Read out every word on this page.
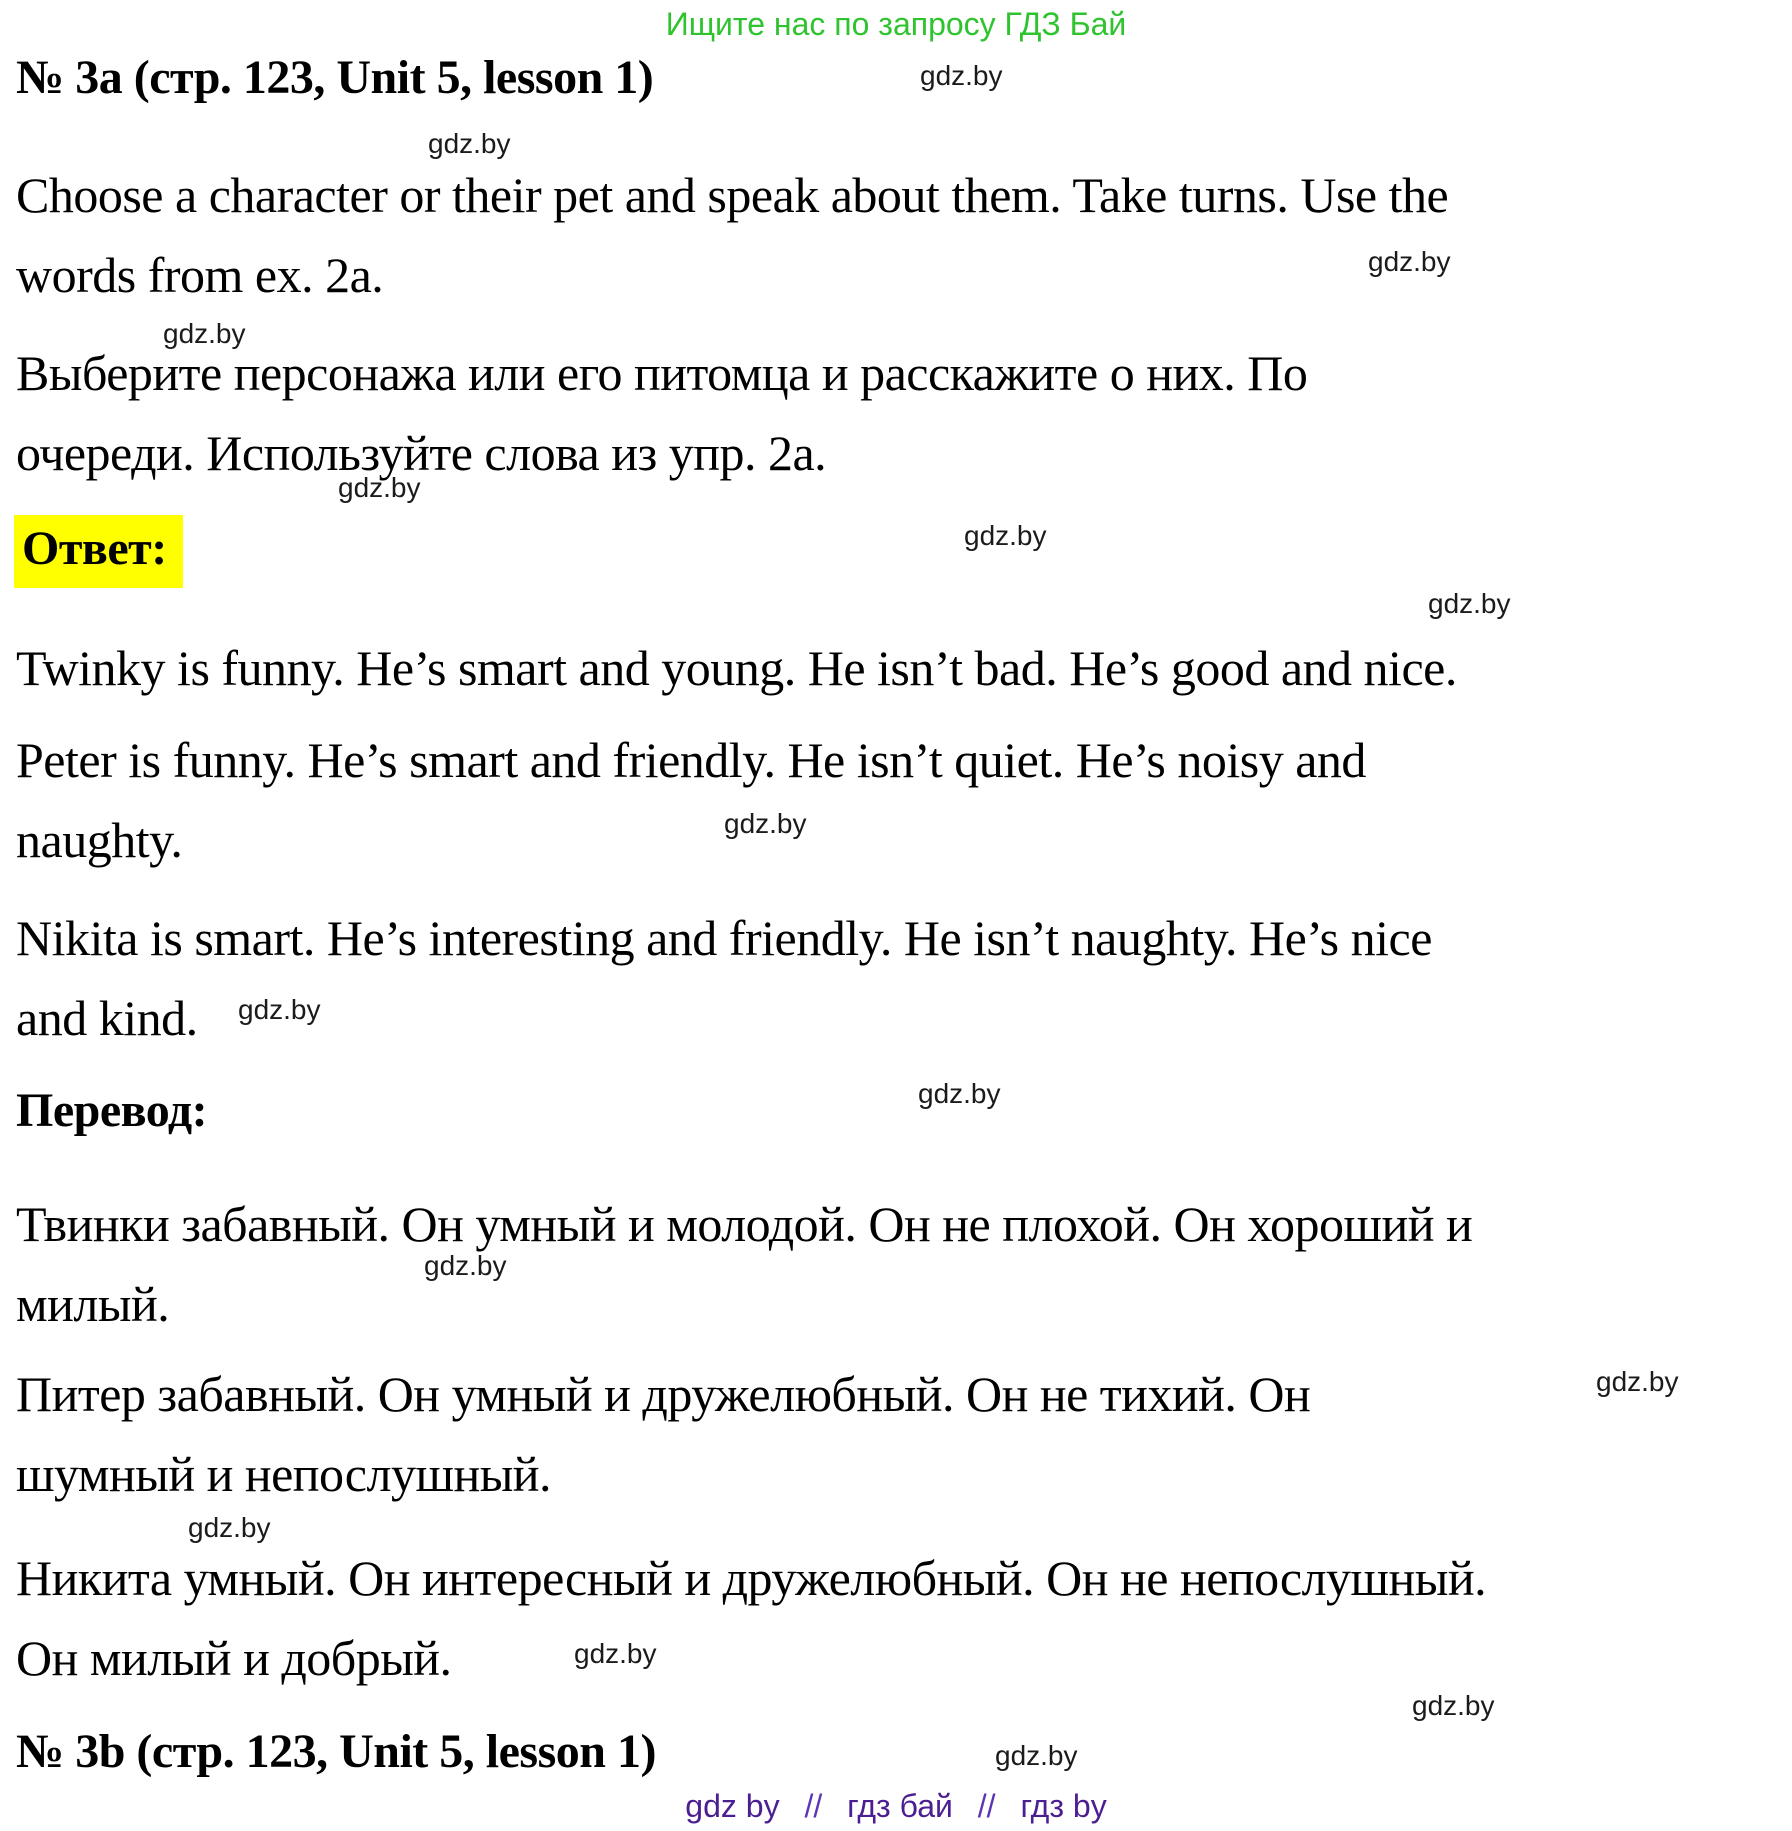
Ищите нас по запросу ГДЗ Бай
№ 3a (стр. 123, Unit 5, lesson 1)	gdz.by
gdz.by
gdz.by
gdz.by
gdz.by
gdz.by
gdz.by
gdz.by
gdz.by
gdz.by
gdz.by
gdz.by
gdz.by
gdz.by
gdz.by
gdz.by
Choose a character or their pet and speak about them. Take turns. Use the
words from ex. 2a.
Выберите персонажа или его питомца и расскажите о них. По
очереди. Используйте слова из упр. 2а.
Ответ:
Twinky is funny. He’s smart and young. He isn’t bad. He’s good and nice.
Peter is funny. He’s smart and friendly. He isn’t quiet. He’s noisy and
naughty.
Nikita is smart. He’s interesting and friendly. He isn’t naughty. He’s nice
and kind.
Перевод:
Твинки забавный. Он умный и молодой. Он не плохой. Он хороший и
милый.
Питер забавный. Он умный и дружелюбный. Он не тихий. Он
шумный и непослушный.
Никита умный. Он интересный и дружелюбный. Он не непослушный.
Он милый и добрый.
№ 3b (стр. 123, Unit 5, lesson 1)
gdz by // гдз бай // гдз by
